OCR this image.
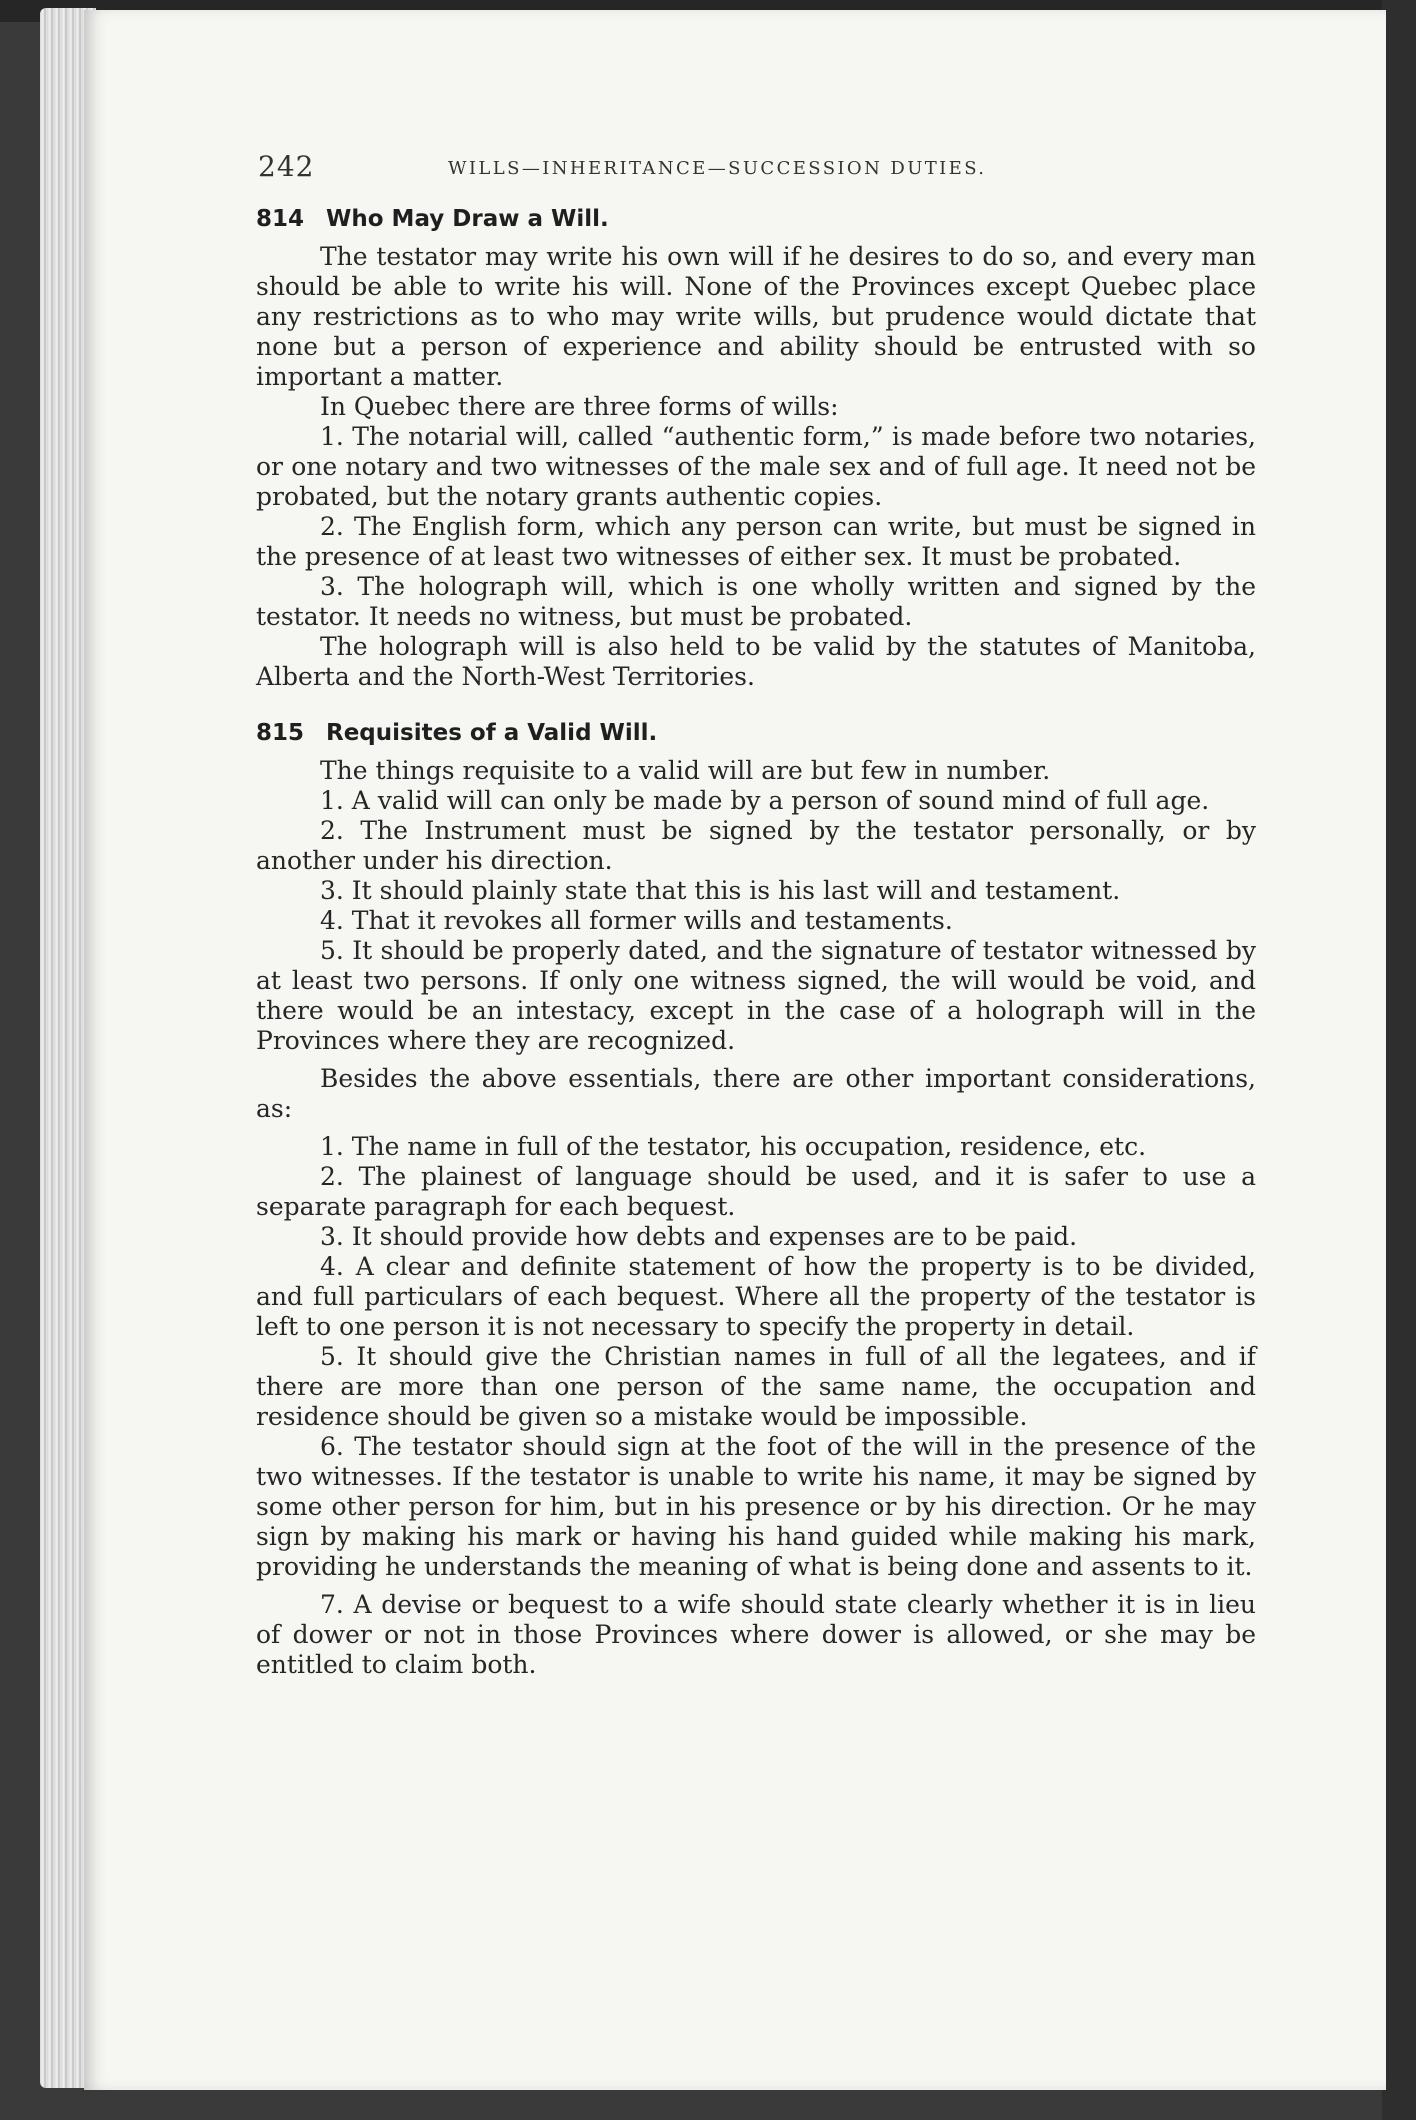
242	WILLS—INHERITANCE—SUCCESSION DUTIES.
814 Who May Draw a Will.

The testator may write his own will if he desires to do so, and every man should be able to write his will. None of the Provinces except Quebec place any restrictions as to who may write wills, but prudence would dictate that none but a person of experience and ability should be entrusted with so important a matter.

In Quebec there are three forms of wills:

1. The notarial will, called “authentic form,” is made before two notaries, or one notary and two witnesses of the male sex and of full age. It need not be probated, but the notary grants authentic copies.

2. The English form, which any person can write, but must be signed in the presence of at least two witnesses of either sex. It must be probated.

3. The holograph will, which is one wholly written and signed by the testator. It needs no witness, but must be probated.

The holograph will is also held to be valid by the statutes of Manitoba, Alberta and the North-West Territories.

815 Requisites of a Valid Will.

The things requisite to a valid will are but few in number.

1. A valid will can only be made by a person of sound mind of full age.

2. The Instrument must be signed by the testator personally, or by another under his direction.

3. It should plainly state that this is his last will and testament.

4. That it revokes all former wills and testaments.

5. It should be properly dated, and the signature of testator witnessed by at least two persons. If only one witness signed, the will would be void, and there would be an intestacy, except in the case of a holograph will in the Provinces where they are recognized.

Besides the above essentials, there are other important considerations, as:

1. The name in full of the testator, his occupation, residence, etc.

2. The plainest of language should be used, and it is safer to use a separate paragraph for each bequest.

3. It should provide how debts and expenses are to be paid.

4. A clear and definite statement of how the property is to be divided, and full particulars of each bequest. Where all the property of the testator is left to one person it is not necessary to specify the property in detail.

5. It should give the Christian names in full of all the legatees, and if there are more than one person of the same name, the occupation and residence should be given so a mistake would be impossible.

6. The testator should sign at the foot of the will in the presence of the two witnesses. If the testator is unable to write his name, it may be signed by some other person for him, but in his presence or by his direction. Or he may sign by making his mark or having his hand guided while making his mark, providing he understands the meaning of what is being done and assents to it.

7. A devise or bequest to a wife should state clearly whether it is in lieu of dower or not in those Provinces where dower is allowed, or she may be entitled to claim both.
